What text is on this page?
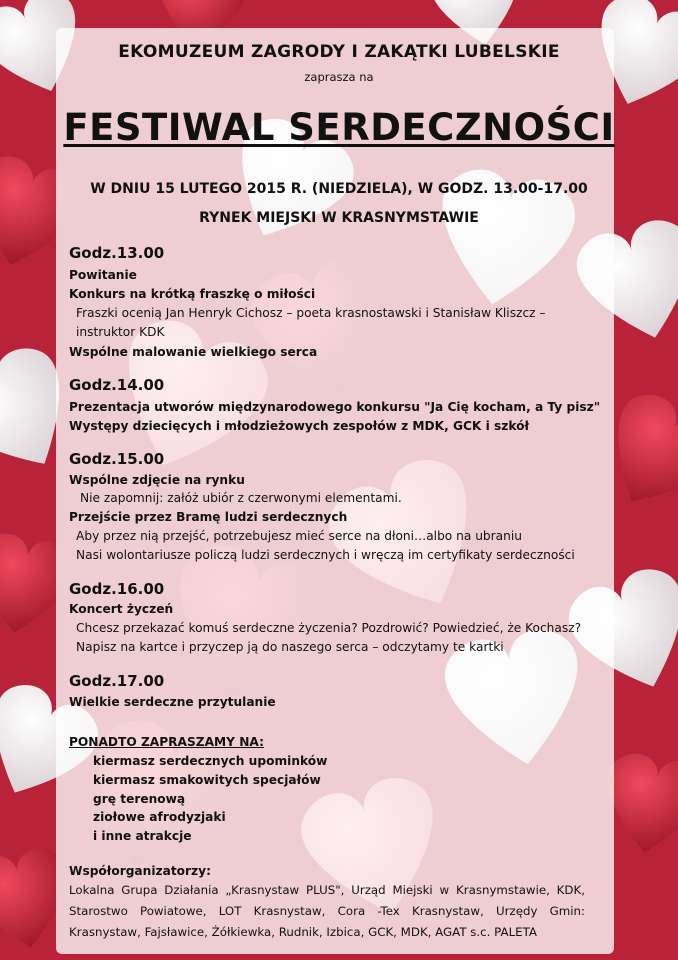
EKOMUZEUM ZAGRODY I ZAKĄTKI LUBELSKIE
zaprasza na
FESTIWAL SERDECZNOŚCI
W DNIU 15 LUTEGO 2015 R. (NIEDZIELA), W GODZ. 13.00-17.00
RYNEK MIEJSKI W KRASNYMSTAWIE
Godz.13.00
Powitanie
Konkurs na krótką fraszkę o miłości
Fraszki ocenią Jan Henryk Cichosz – poeta krasnostawski i Stanisław Kliszcz –
instruktor KDK
Wspólne malowanie wielkiego serca
Godz.14.00
Prezentacja utworów międzynarodowego konkursu "Ja Cię kocham, a Ty pisz"
Występy dziecięcych i młodzieżowych zespołów z MDK, GCK i szkół
Godz.15.00
Wspólne zdjęcie na rynku
Nie zapomnij: załóż ubiór z czerwonymi elementami.
Przejście przez Bramę ludzi serdecznych
Aby przez nią przejść, potrzebujesz mieć serce na dłoni…albo na ubraniu
Nasi wolontariusze policzą ludzi serdecznych i wręczą im certyfikaty serdeczności
Godz.16.00
Koncert życzeń
Chcesz przekazać komuś serdeczne życzenia? Pozdrowić? Powiedzieć, że Kochasz?
Napisz na kartce i przyczep ją do naszego serca – odczytamy te kartki
Godz.17.00
Wielkie serdeczne przytulanie
PONADTO ZAPRASZAMY NA:
kiermasz serdecznych upominków
kiermasz smakowitych specjałów
grę terenową
ziołowe afrodyzjaki
i inne atrakcje
Współorganizatorzy:
Lokalna Grupa Działania „Krasnystaw PLUS", Urząd Miejski w Krasnymstawie, KDK, Starostwo Powiatowe, LOT Krasnystaw, Cora -Tex Krasnystaw, Urzędy Gmin: Krasnystaw, Fajsławice, Żółkiewka, Rudnik, Izbica, GCK, MDK, AGAT s.c. PALETA
